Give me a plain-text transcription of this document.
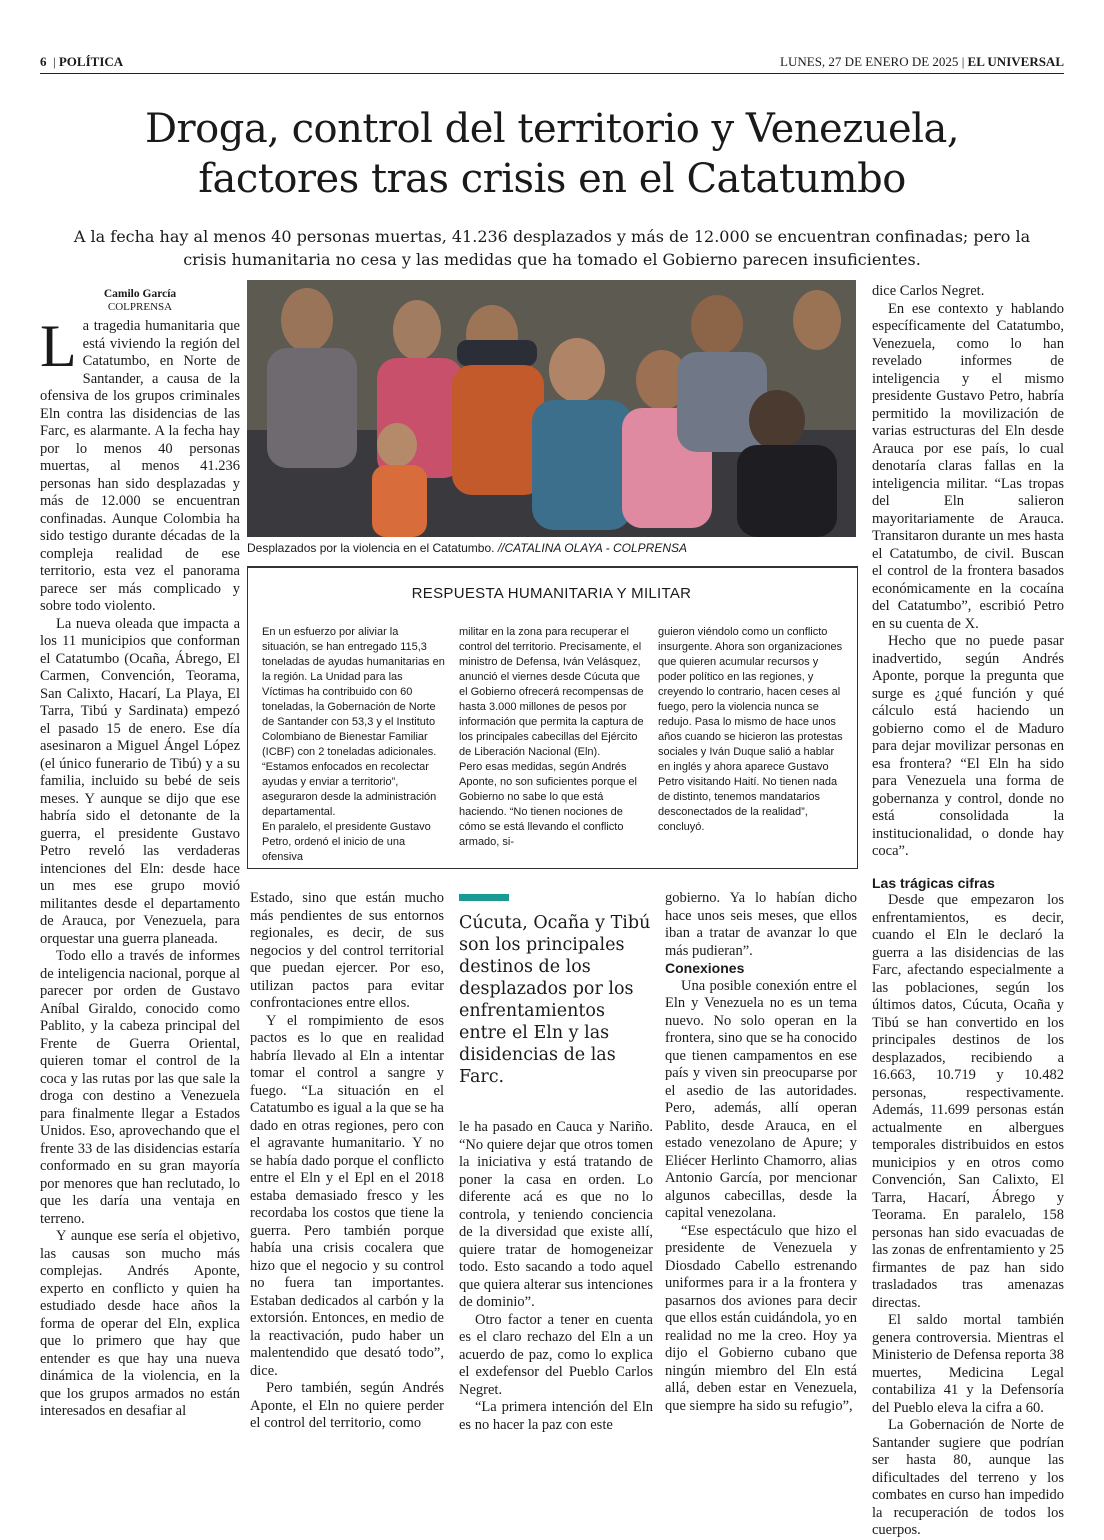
6  | POLÍTICA	LUNES, 27 DE ENERO DE 2025 | EL UNIVERSAL
Droga, control del territorio y Venezuela,
factores tras crisis en el Catatumbo
A la fecha hay al menos 40 personas muertas, 41.236 desplazados y más de 12.000 se encuentran confinadas; pero la
crisis humanitaria no cesa y las medidas que ha tomado el Gobierno parecen insuficientes.
Camilo García
COLPRENSA

La tragedia humanitaria que está viviendo la región del Catatumbo, en Norte de Santander, a causa de la ofensiva de los grupos criminales Eln contra las disidencias de las Farc, es alarmante. A la fecha hay por lo menos 40 personas muertas, al menos 41.236 personas han sido desplazadas y más de 12.000 se encuentran confinadas. Aunque Colombia ha sido testigo durante décadas de la compleja realidad de ese territorio, esta vez el panorama parece ser más complicado y sobre todo violento.

La nueva oleada que impacta a los 11 municipios que conforman el Catatumbo (Ocaña, Ábrego, El Carmen, Convención, Teorama, San Calixto, Hacarí, La Playa, El Tarra, Tibú y Sardinata) empezó el pasado 15 de enero. Ese día asesinaron a Miguel Ángel López (el único funerario de Tibú) y a su familia, incluido su bebé de seis meses. Y aunque se dijo que ese habría sido el detonante de la guerra, el presidente Gustavo Petro reveló las verdaderas intenciones del Eln: desde hace un mes ese grupo movió militantes desde el departamento de Arauca, por Venezuela, para orquestar una guerra planeada.

Todo ello a través de informes de inteligencia nacional, porque al parecer por orden de Gustavo Aníbal Giraldo, conocido como Pablito, y la cabeza principal del Frente de Guerra Oriental, quieren tomar el control de la coca y las rutas por las que sale la droga con destino a Venezuela para finalmente llegar a Estados Unidos. Eso, aprovechando que el frente 33 de las disidencias estaría conformado en su gran mayoría por menores que han reclutado, lo que les daría una ventaja en terreno.

Y aunque ese sería el objetivo, las causas son mucho más complejas. Andrés Aponte, experto en conflicto y quien ha estudiado desde hace años la forma de operar del Eln, explica que lo primero que hay que entender es que hay una nueva dinámica de la violencia, en la que los grupos armados no están interesados en desafiar al

Desplazados por la violencia en el Catatumbo. //CATALINA OLAYA - COLPRENSA
RESPUESTA HUMANITARIA Y MILITAR

En un esfuerzo por aliviar la situación, se han entregado 115,3 toneladas de ayudas humanitarias en la región. La Unidad para las Víctimas ha contribuido con 60 toneladas, la Gobernación de Norte de Santander con 53,3 y el Instituto Colombiano de Bienestar Familiar (ICBF) con 2 toneladas adicionales. “Estamos enfocados en recolectar ayudas y enviar a territorio”, aseguraron desde la administración departamental.

En paralelo, el presidente Gustavo Petro, ordenó el inicio de una ofensiva

militar en la zona para recuperar el control del territorio. Precisamente, el ministro de Defensa, Iván Velásquez, anunció el viernes desde Cúcuta que el Gobierno ofrecerá recompensas de hasta 3.000 millones de pesos por información que permita la captura de los principales cabecillas del Ejército de Liberación Nacional (Eln).

Pero esas medidas, según Andrés Aponte, no son suficientes porque el Gobierno no sabe lo que está haciendo. “No tienen nociones de cómo se está llevando el conflicto armado, si-

guieron viéndolo como un conflicto insurgente. Ahora son organizaciones que quieren acumular recursos y poder político en las regiones, y creyendo lo contrario, hacen ceses al fuego, pero la violencia nunca se redujo. Pasa lo mismo de hace unos años cuando se hicieron las protestas sociales y Iván Duque salió a hablar en inglés y ahora aparece Gustavo Petro visitando Haití. No tienen nada de distinto, tenemos mandatarios desconectados de la realidad”, concluyó.

Estado, sino que están mucho más pendientes de sus entornos regionales, es decir, de sus negocios y del control territorial que puedan ejercer. Por eso, utilizan pactos para evitar confrontaciones entre ellos.

Y el rompimiento de esos pactos es lo que en realidad habría llevado al Eln a intentar tomar el control a sangre y fuego. “La situación en el Catatumbo es igual a la que se ha dado en otras regiones, pero con el agravante humanitario. Y no se había dado porque el conflicto entre el Eln y el Epl en el 2018 estaba demasiado fresco y les recordaba los costos que tiene la guerra. Pero también porque había una crisis cocalera que hizo que el negocio y su control no fuera tan importantes. Estaban dedicados al carbón y la extorsión. Entonces, en medio de la reactivación, pudo haber un malentendido que desató todo”, dice.

Pero también, según Andrés Aponte, el Eln no quiere perder el control del territorio, como

Cúcuta, Ocaña y Tibú son los principales destinos de los desplazados por los enfrentamientos entre el Eln y las disidencias de las Farc.

le ha pasado en Cauca y Nariño. “No quiere dejar que otros tomen la iniciativa y está tratando de poner la casa en orden. Lo diferente acá es que no lo controla, y teniendo conciencia de la diversidad que existe allí, quiere tratar de homogeneizar todo. Esto sacando a todo aquel que quiera alterar sus intenciones de dominio”.

Otro factor a tener en cuenta es el claro rechazo del Eln a un acuerdo de paz, como lo explica el exdefensor del Pueblo Carlos Negret.

“La primera intención del Eln es no hacer la paz con este

gobierno. Ya lo habían dicho hace unos seis meses, que ellos iban a tratar de avanzar lo que más pudieran”.

Conexiones

Una posible conexión entre el Eln y Venezuela no es un tema nuevo. No solo operan en la frontera, sino que se ha conocido que tienen campamentos en ese país y viven sin preocuparse por el asedio de las autoridades. Pero, además, allí operan Pablito, desde Arauca, en el estado venezolano de Apure; y Eliécer Herlinto Chamorro, alias Antonio García, por mencionar algunos cabecillas, desde la capital venezolana.

“Ese espectáculo que hizo el presidente de Venezuela y Diosdado Cabello estrenando uniformes para ir a la frontera y pasarnos dos aviones para decir que ellos están cuidándola, yo en realidad no me la creo. Hoy ya dijo el Gobierno cubano que ningún miembro del Eln está allá, deben estar en Venezuela, que siempre ha sido su refugio”,

dice Carlos Negret.

En ese contexto y hablando específicamente del Catatumbo, Venezuela, como lo han revelado informes de inteligencia y el mismo presidente Gustavo Petro, habría permitido la movilización de varias estructuras del Eln desde Arauca por ese país, lo cual denotaría claras fallas en la inteligencia militar. “Las tropas del Eln salieron mayoritariamente de Arauca. Transitaron durante un mes hasta el Catatumbo, de civil. Buscan el control de la frontera basados económicamente en la cocaína del Catatumbo”, escribió Petro en su cuenta de X.

Hecho que no puede pasar inadvertido, según Andrés Aponte, porque la pregunta que surge es ¿qué función y qué cálculo está haciendo un gobierno como el de Maduro para dejar movilizar personas en esa frontera? “El Eln ha sido para Venezuela una forma de gobernanza y control, donde no está consolidada la institucionalidad, o donde hay coca”.

Las trágicas cifras

Desde que empezaron los enfrentamientos, es decir, cuando el Eln le declaró la guerra a las disidencias de las Farc, afectando especialmente a las poblaciones, según los últimos datos, Cúcuta, Ocaña y Tibú se han convertido en los principales destinos de los desplazados, recibiendo a 16.663, 10.719 y 10.482 personas, respectivamente. Además, 11.699 personas están actualmente en albergues temporales distribuidos en estos municipios y en otros como Convención, San Calixto, El Tarra, Hacarí, Ábrego y Teorama. En paralelo, 158 personas han sido evacuadas de las zonas de enfrentamiento y 25 firmantes de paz han sido trasladados tras amenazas directas.

El saldo mortal también genera controversia. Mientras el Ministerio de Defensa reporta 38 muertes, Medicina Legal contabiliza 41 y la Defensoría del Pueblo eleva la cifra a 60.

La Gobernación de Norte de Santander sugiere que podrían ser hasta 80, aunque las dificultades del terreno y los combates en curso han impedido la recuperación de todos los cuerpos.
